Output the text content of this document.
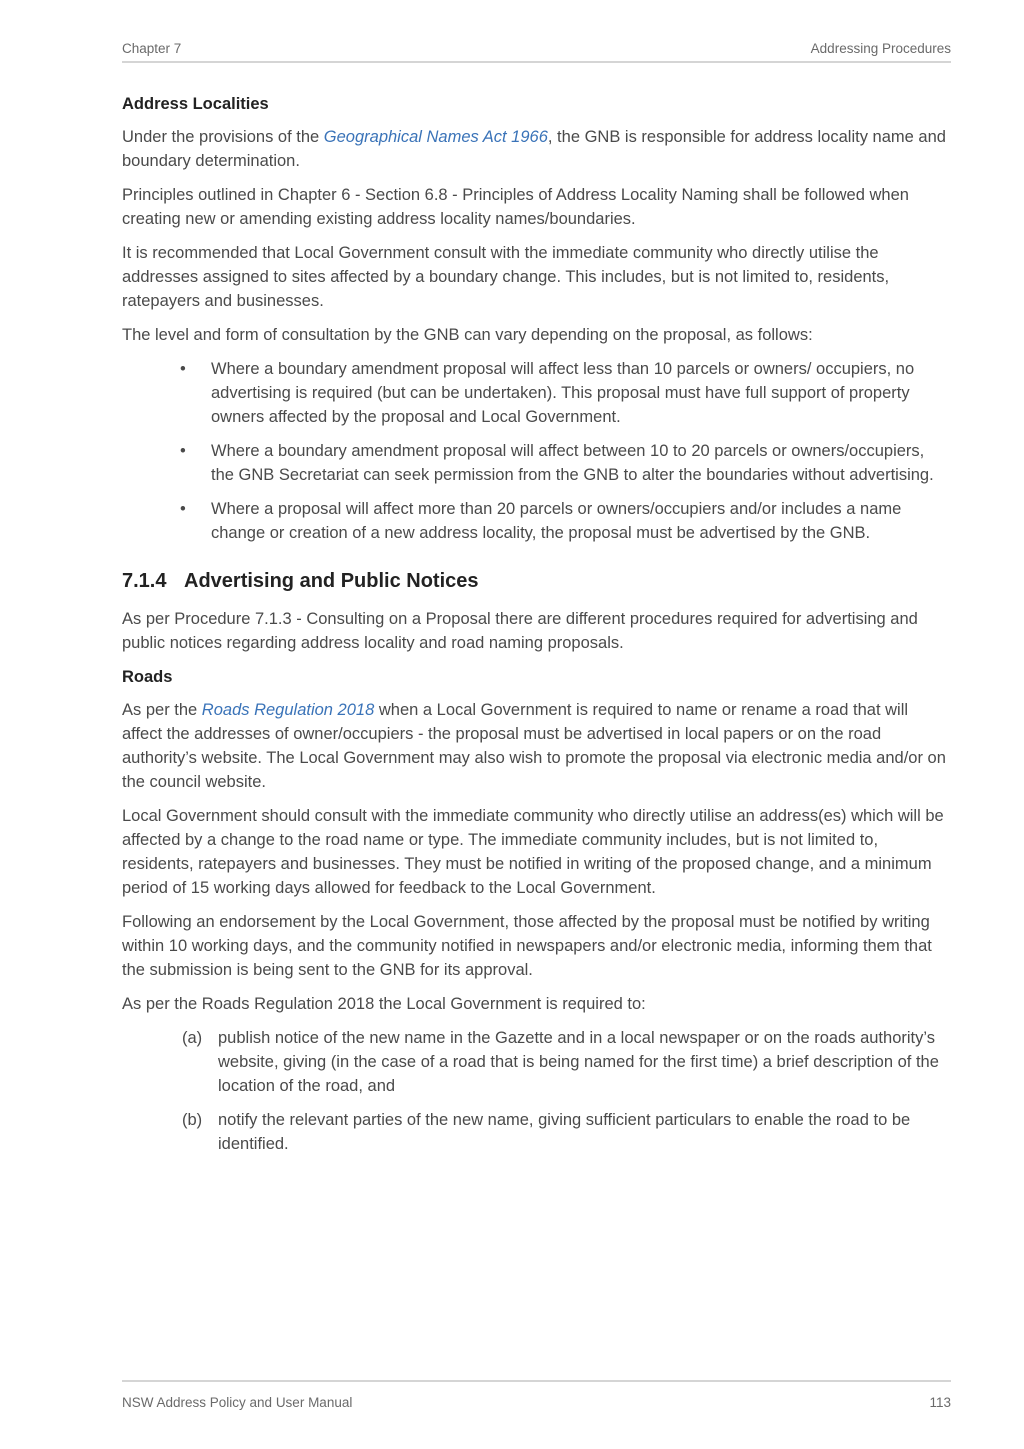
Chapter 7	Addressing Procedures
Address Localities

Under the provisions of the Geographical Names Act 1966, the GNB is responsible for address locality name and boundary determination.

Principles outlined in Chapter 6 - Section 6.8 - Principles of Address Locality Naming shall be followed when creating new or amending existing address locality names/boundaries.

It is recommended that Local Government consult with the immediate community who directly utilise the addresses assigned to sites affected by a boundary change. This includes, but is not limited to, residents, ratepayers and businesses.

The level and form of consultation by the GNB can vary depending on the proposal, as follows:

• Where a boundary amendment proposal will affect less than 10 parcels or owners/ occupiers, no advertising is required (but can be undertaken). This proposal must have full support of property owners affected by the proposal and Local Government.
• Where a boundary amendment proposal will affect between 10 to 20 parcels or owners/occupiers, the GNB Secretariat can seek permission from the GNB to alter the boundaries without advertising.
• Where a proposal will affect more than 20 parcels or owners/occupiers and/or includes a name change or creation of a new address locality, the proposal must be advertised by the GNB.
7.1.4 Advertising and Public Notices

As per Procedure 7.1.3 - Consulting on a Proposal there are different procedures required for advertising and public notices regarding address locality and road naming proposals.

Roads

As per the Roads Regulation 2018 when a Local Government is required to name or rename a road that will affect the addresses of owner/occupiers - the proposal must be advertised in local papers or on the road authority’s website. The Local Government may also wish to promote the proposal via electronic media and/or on the council website.

Local Government should consult with the immediate community who directly utilise an address(es) which will be affected by a change to the road name or type. The immediate community includes, but is not limited to, residents, ratepayers and businesses. They must be notified in writing of the proposed change, and a minimum period of 15 working days allowed for feedback to the Local Government.

Following an endorsement by the Local Government, those affected by the proposal must be notified by writing within 10 working days, and the community notified in newspapers and/or electronic media, informing them that the submission is being sent to the GNB for its approval.

As per the Roads Regulation 2018 the Local Government is required to:

(a) publish notice of the new name in the Gazette and in a local newspaper or on the roads authority’s website, giving (in the case of a road that is being named for the first time) a brief description of the location of the road, and
(b) notify the relevant parties of the new name, giving sufficient particulars to enable the road to be identified.
NSW Address Policy and User Manual	113
